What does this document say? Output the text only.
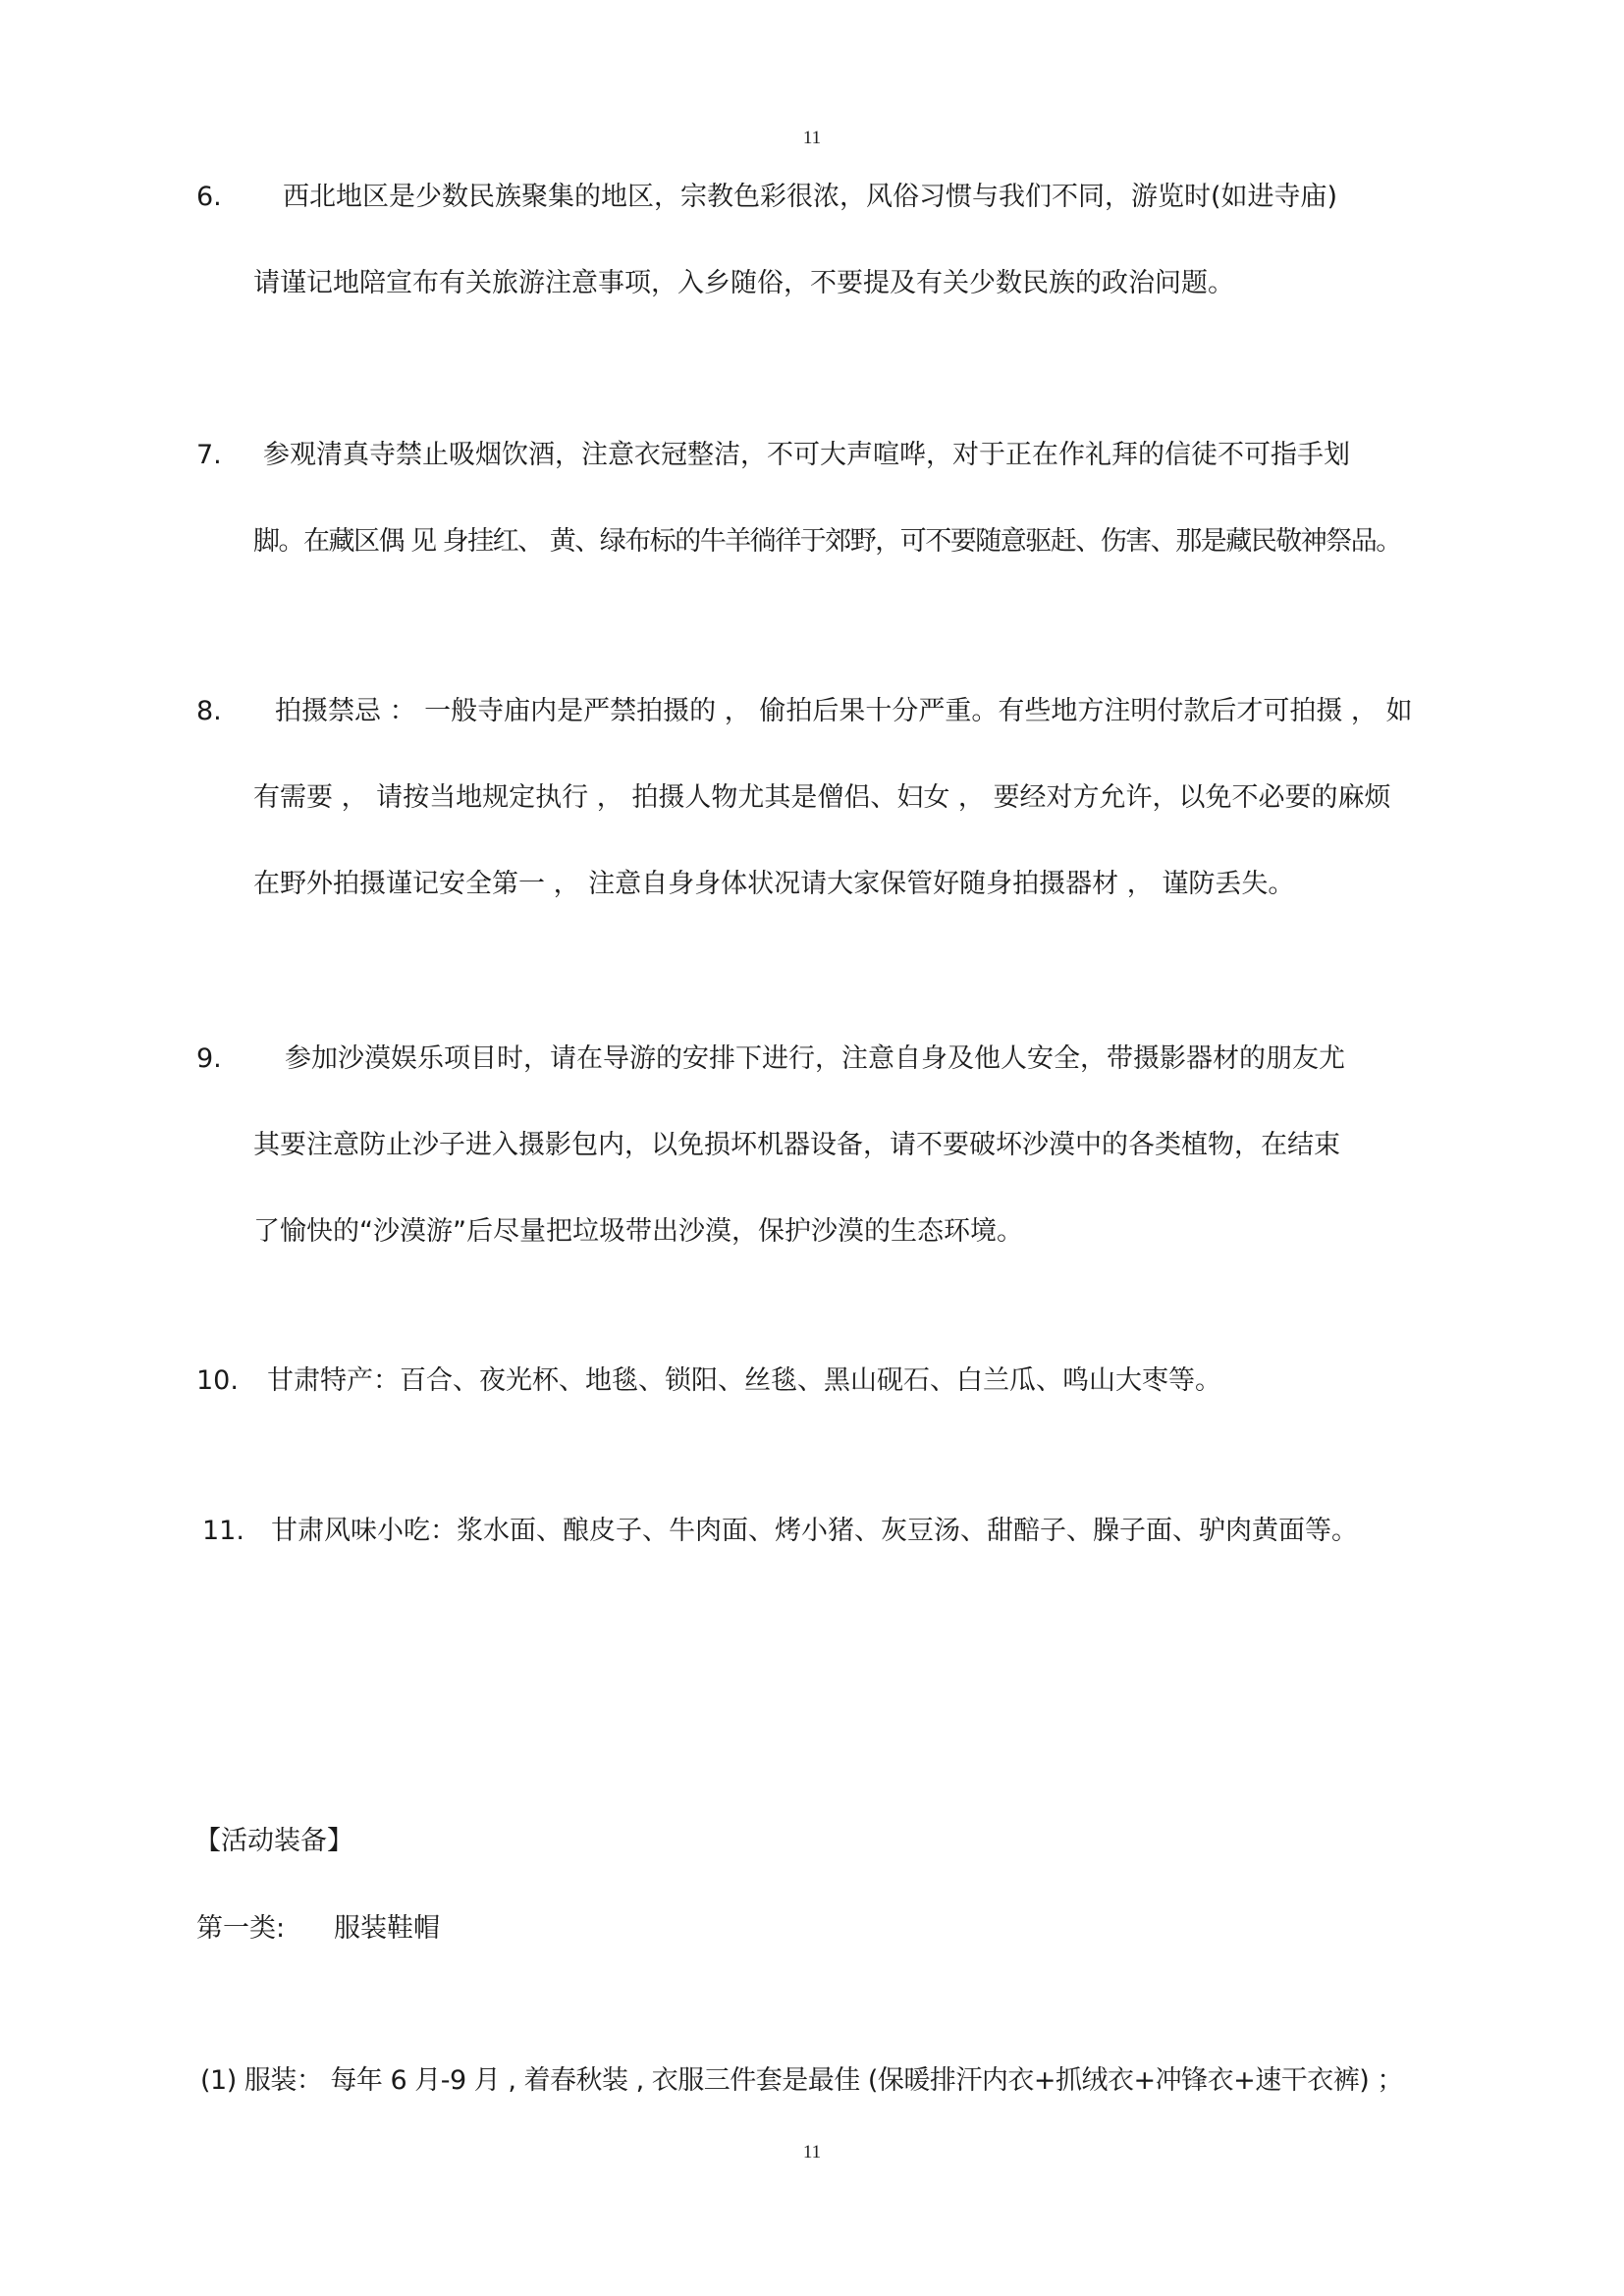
11
6. 西北地区是少数民族聚集的地区，宗教色彩很浓，风俗习惯与我们不同，游览时(如进寺庙)
请谨记地陪宣布有关旅游注意事项，入乡随俗，不要提及有关少数民族的政治问题。
7. 参观清真寺禁止吸烟饮酒，注意衣冠整洁，不可大声喧哗，对于正在作礼拜的信徒不可指手划
脚。在藏区偶 见 身挂红、 黄、绿布标的牛羊徜徉于郊野，可不要随意驱赶、伤害、那是藏民敬神祭品。
8. 拍摄禁忌 ： 一般寺庙内是严禁拍摄的 ， 偷拍后果十分严重。有些地方注明付款后才可拍摄 ， 如
有需要 ， 请按当地规定执行 ， 拍摄人物尤其是僧侣、妇女 ， 要经对方允许，以免不必要的麻烦
在野外拍摄谨记安全第一 ， 注意自身身体状况请大家保管好随身拍摄器材 ， 谨防丢失。
9. 参加沙漠娱乐项目时，请在导游的安排下进行，注意自身及他人安全，带摄影器材的朋友尤
其要注意防止沙子进入摄影包内，以免损坏机器设备，请不要破坏沙漠中的各类植物，在结束
了愉快的“沙漠游”后尽量把垃圾带出沙漠，保护沙漠的生态环境。
10. 甘肃特产：百合、夜光杯、地毯、锁阳、丝毯、黑山砚石、白兰瓜、鸣山大枣等。
11. 甘肃风味小吃：浆水面、酿皮子、牛肉面、烤小猪、灰豆汤、甜醅子、臊子面、驴肉黄面等。
【活动装备】
第一类: 服装鞋帽
(1) 服装： 每年 6 月-9 月 , 着春秋装 , 衣服三件套是最佳 (保暖排汗内衣+抓绒衣+冲锋衣+速干衣裤) ；
11
